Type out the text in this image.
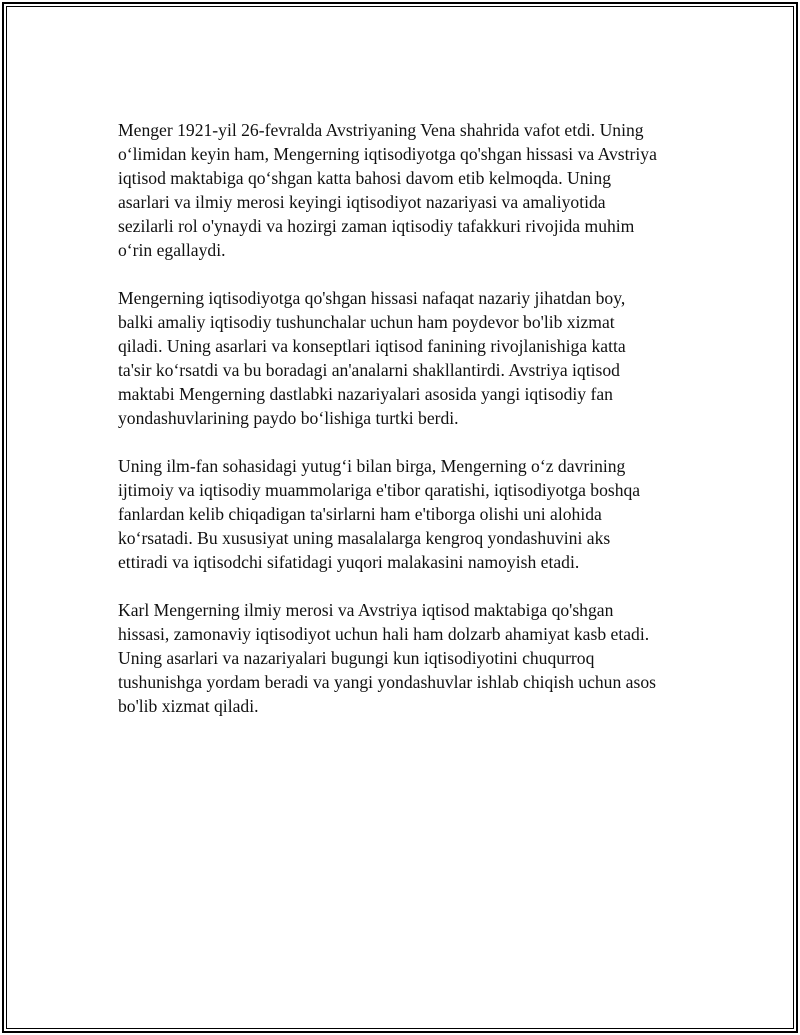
Menger 1921-yil 26-fevralda Avstriyaning Vena shahrida vafot etdi. Uning
o‘limidan keyin ham, Mengerning iqtisodiyotga qo'shgan hissasi va Avstriya
iqtisod maktabiga qo‘shgan katta bahosi davom etib kelmoqda. Uning
asarlari va ilmiy merosi keyingi iqtisodiyot nazariyasi va amaliyotida
sezilarli rol o'ynaydi va hozirgi zaman iqtisodiy tafakkuri rivojida muhim
o‘rin egallaydi.

Mengerning iqtisodiyotga qo'shgan hissasi nafaqat nazariy jihatdan boy,
balki amaliy iqtisodiy tushunchalar uchun ham poydevor bo'lib xizmat
qiladi. Uning asarlari va konseptlari iqtisod fanining rivojlanishiga katta
ta'sir ko‘rsatdi va bu boradagi an'analarni shakllantirdi. Avstriya iqtisod
maktabi Mengerning dastlabki nazariyalari asosida yangi iqtisodiy fan
yondashuvlarining paydo bo‘lishiga turtki berdi.

Uning ilm-fan sohasidagi yutug‘i bilan birga, Mengerning o‘z davrining
ijtimoiy va iqtisodiy muammolariga e'tibor qaratishi, iqtisodiyotga boshqa
fanlardan kelib chiqadigan ta'sirlarni ham e'tiborga olishi uni alohida
ko‘rsatadi. Bu xususiyat uning masalalarga kengroq yondashuvini aks
ettiradi va iqtisodchi sifatidagi yuqori malakasini namoyish etadi.

Karl Mengerning ilmiy merosi va Avstriya iqtisod maktabiga qo'shgan
hissasi, zamonaviy iqtisodiyot uchun hali ham dolzarb ahamiyat kasb etadi.
Uning asarlari va nazariyalari bugungi kun iqtisodiyotini chuqurroq
tushunishga yordam beradi va yangi yondashuvlar ishlab chiqish uchun asos
bo'lib xizmat qiladi.
